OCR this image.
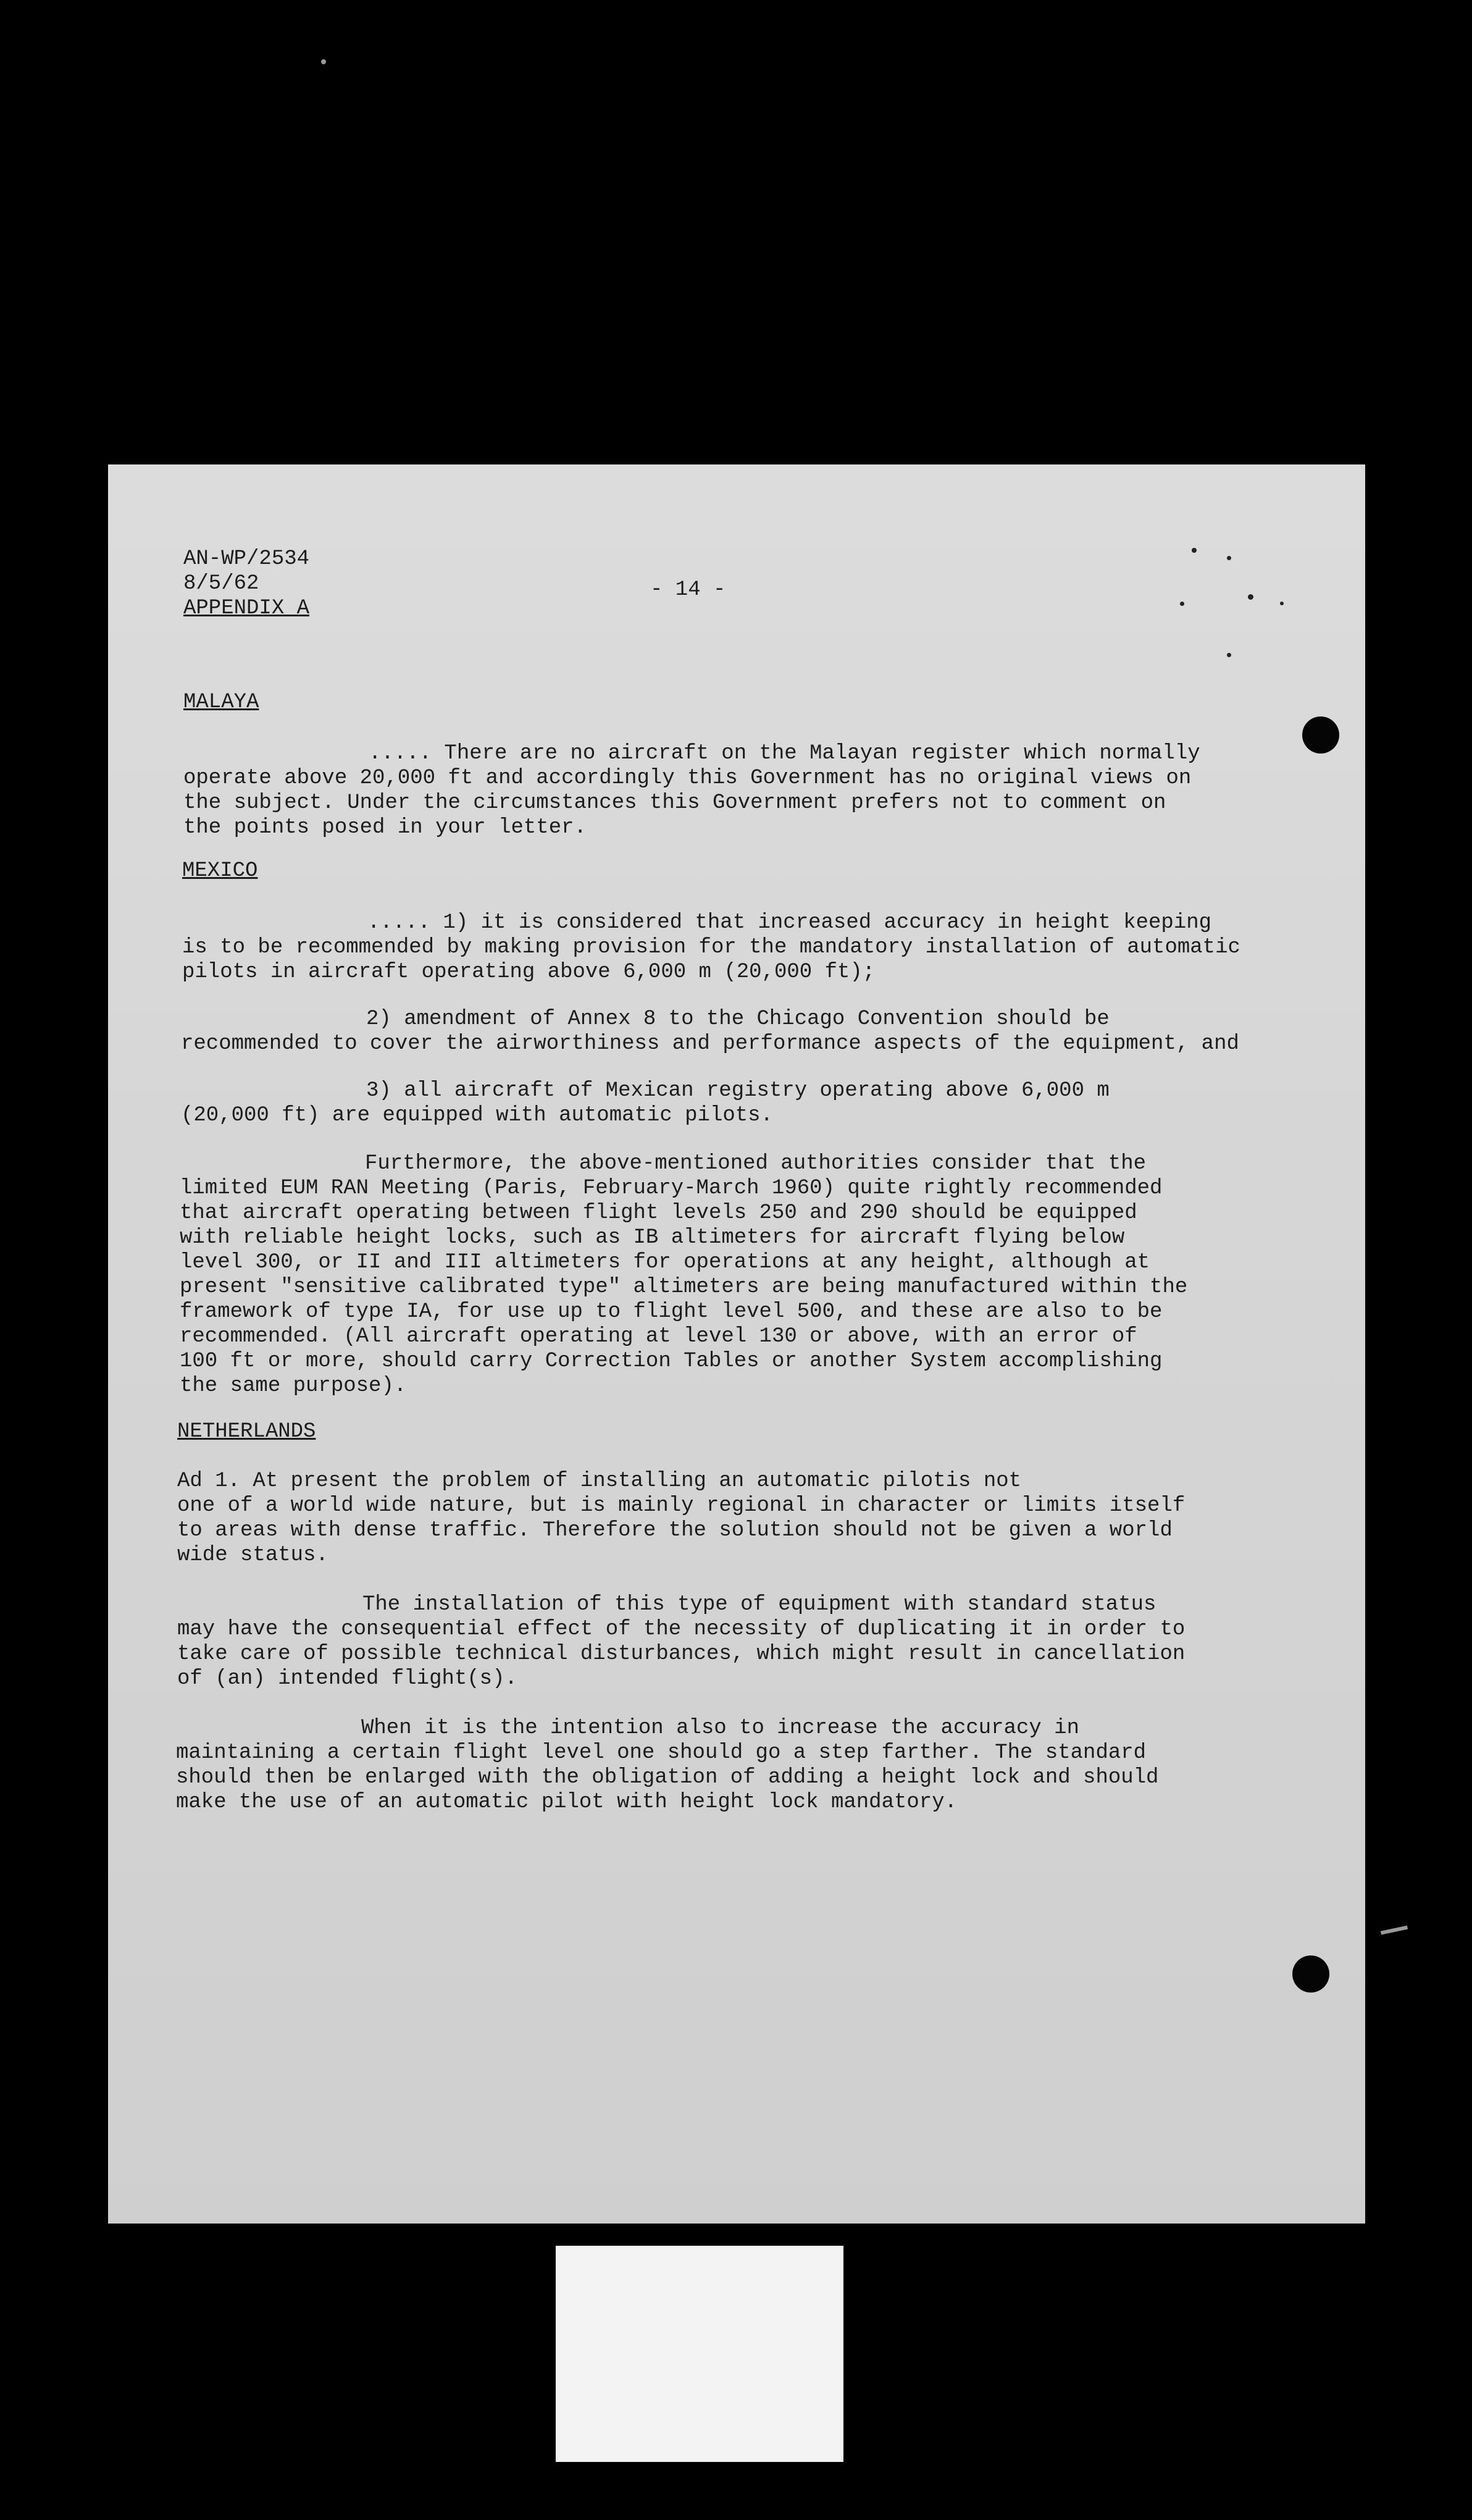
AN-WP/2534
8/5/62
APPENDIX A
- 14 -
MALAYA
..... There are no aircraft on the Malayan register which normally
operate above 20,000 ft and accordingly this Government has no original views on
the subject. Under the circumstances this Government prefers not to comment on
the points posed in your letter.
MEXICO
..... 1) it is considered that increased accuracy in height keeping
is to be recommended by making provision for the mandatory installation of automatic
pilots in aircraft operating above 6,000 m (20,000 ft);
2) amendment of Annex 8 to the Chicago Convention should be
recommended to cover the airworthiness and performance aspects of the equipment, and
3) all aircraft of Mexican registry operating above 6,000 m
(20,000 ft) are equipped with automatic pilots.
Furthermore, the above-mentioned authorities consider that the
limited EUM RAN Meeting (Paris, February-March 1960) quite rightly recommended
that aircraft operating between flight levels 250 and 290 should be equipped
with reliable height locks, such as IB altimeters for aircraft flying below
level 300, or II and III altimeters for operations at any height, although at
present "sensitive calibrated type" altimeters are being manufactured within the
framework of type IA, for use up to flight level 500, and these are also to be
recommended. (All aircraft operating at level 130 or above, with an error of
100 ft or more, should carry Correction Tables or another System accomplishing
the same purpose).
NETHERLANDS
Ad 1. At present the problem of installing an automatic pilotis not
one of a world wide nature, but is mainly regional in character or limits itself
to areas with dense traffic. Therefore the solution should not be given a world
wide status.
The installation of this type of equipment with standard status
may have the consequential effect of the necessity of duplicating it in order to
take care of possible technical disturbances, which might result in cancellation
of (an) intended flight(s).
When it is the intention also to increase the accuracy in
maintaining a certain flight level one should go a step farther. The standard
should then be enlarged with the obligation of adding a height lock and should
make the use of an automatic pilot with height lock mandatory.
